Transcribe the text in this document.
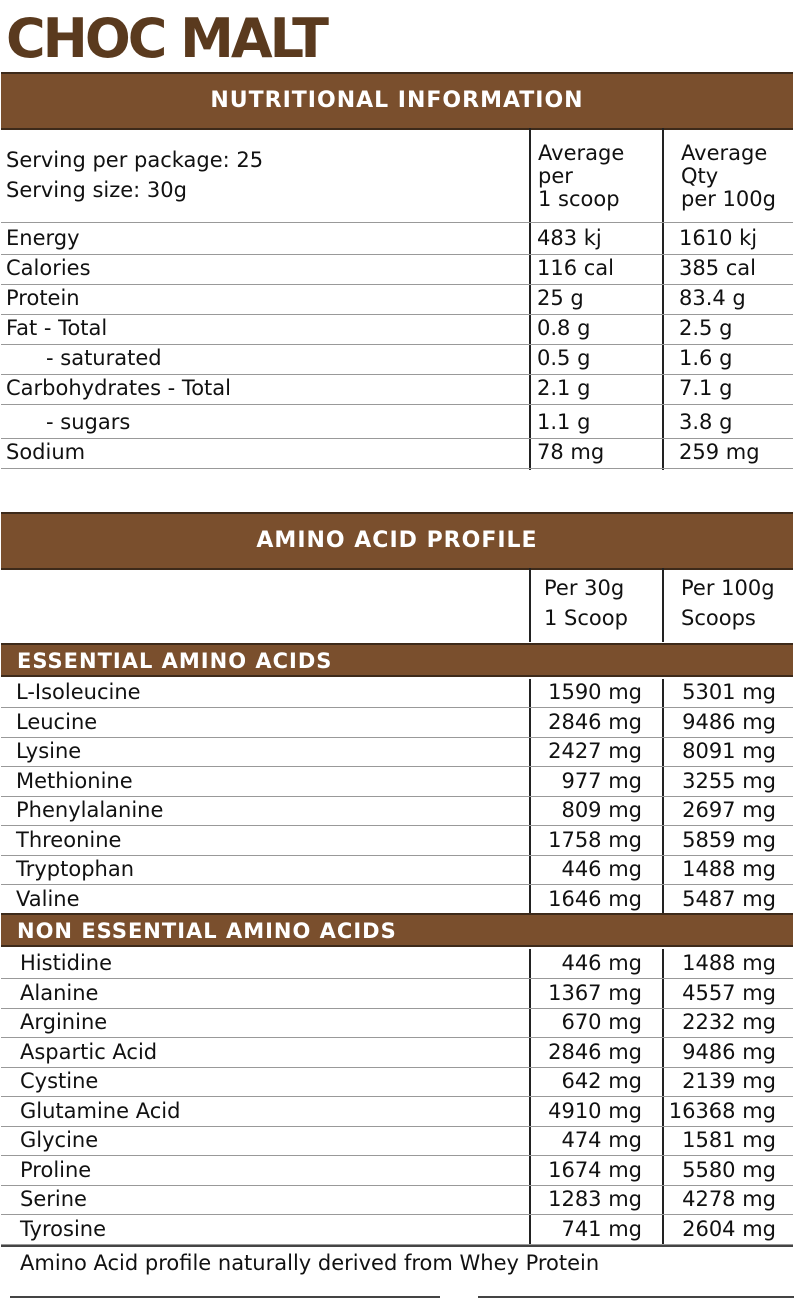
CHOC MALT
NUTRITIONAL INFORMATION
Serving per package: 25
Serving size: 30g
Average
per
1 scoop
Average
Qty
per 100g
Energy	483 kj	1610 kj
Calories	116 cal	385 cal
Protein	25 g	83.4 g
Fat - Total	0.8 g	2.5 g
- saturated	0.5 g	1.6 g
Carbohydrates - Total	2.1 g	7.1 g
- sugars	1.1 g	3.8 g
Sodium	78 mg	259 mg
AMINO ACID PROFILE
Per 30g
1 Scoop
Per 100g
Scoops
ESSENTIAL AMINO ACIDS
L-Isoleucine	1590 mg	5301 mg
Leucine	2846 mg	9486 mg
Lysine	2427 mg	8091 mg
Methionine	977 mg	3255 mg
Phenylalanine	809 mg	2697 mg
Threonine	1758 mg	5859 mg
Tryptophan	446 mg	1488 mg
Valine	1646 mg	5487 mg
NON ESSENTIAL AMINO ACIDS
Histidine	446 mg	1488 mg
Alanine	1367 mg	4557 mg
Arginine	670 mg	2232 mg
Aspartic Acid	2846 mg	9486 mg
Cystine	642 mg	2139 mg
Glutamine Acid	4910 mg 16368 mg
Glycine	474 mg	1581 mg
Proline	1674 mg	5580 mg
Serine	1283 mg	4278 mg
Tyrosine	741 mg	2604 mg
Amino Acid profile naturally derived from Whey Protein
